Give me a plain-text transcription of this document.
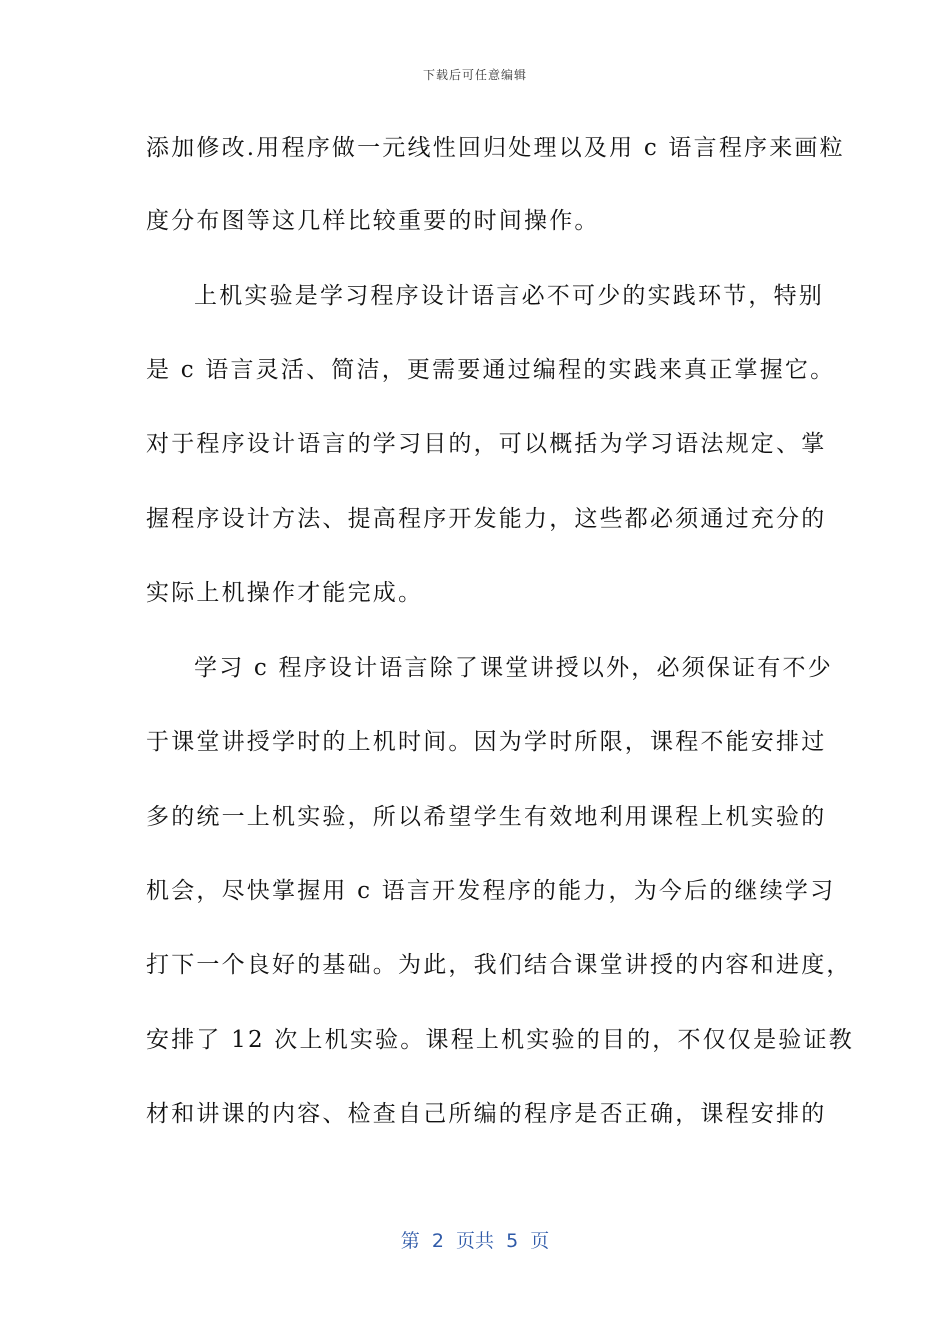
下载后可任意编辑
添加修改.用程序做一元线性回归处理以及用 c 语言程序来画粒
度分布图等这几样比较重要的时间操作。
上机实验是学习程序设计语言必不可少的实践环节，特别
是 c 语言灵活、简洁，更需要通过编程的实践来真正掌握它。
对于程序设计语言的学习目的，可以概括为学习语法规定、掌
握程序设计方法、提高程序开发能力，这些都必须通过充分的
实际上机操作才能完成。
学习 c 程序设计语言除了课堂讲授以外，必须保证有不少
于课堂讲授学时的上机时间。因为学时所限，课程不能安排过
多的统一上机实验，所以希望学生有效地利用课程上机实验的
机会，尽快掌握用 c 语言开发程序的能力，为今后的继续学习
打下一个良好的基础。为此，我们结合课堂讲授的内容和进度，
安排了 12 次上机实验。课程上机实验的目的，不仅仅是验证教
材和讲课的内容、检查自己所编的程序是否正确，课程安排的
第  2  页共  5  页
